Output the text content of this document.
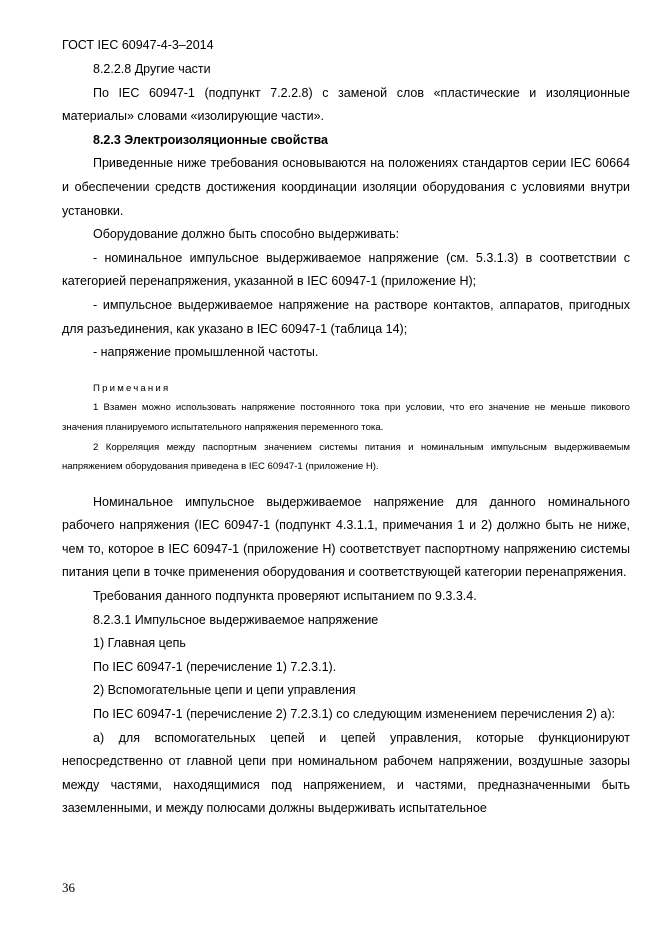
ГОСТ IEC 60947-4-3–2014

8.2.2.8 Другие части

По IEC 60947-1 (подпункт 7.2.2.8) с заменой слов «пластические и изоляционные материалы» словами «изолирующие части».

8.2.3 Электроизоляционные свойства

Приведенные ниже требования основываются на положениях стандартов серии IEC 60664 и обеспечении средств достижения координации изоляции оборудования с условиями внутри установки.

Оборудование должно быть способно выдерживать:

- номинальное импульсное выдерживаемое напряжение (см. 5.3.1.3) в соответствии с категорией перенапряжения, указанной в IEC 60947-1 (приложение H);

- импульсное выдерживаемое напряжение на растворе контактов, аппаратов, пригодных для разъединения, как указано в IEC 60947-1 (таблица 14);

- напряжение промышленной частоты.

Примечания

1 Взамен можно использовать напряжение постоянного тока при условии, что его значение не меньше пикового значения планируемого испытательного напряжения переменного тока.

2 Корреляция между паспортным значением системы питания и номинальным импульсным выдерживаемым напряжением оборудования приведена в IEC 60947-1 (приложение H).

Номинальное импульсное выдерживаемое напряжение для данного номинального рабочего напряжения (IEC 60947-1 (подпункт 4.3.1.1, примечания 1 и 2) должно быть не ниже, чем то, которое в IEC 60947-1 (приложение H) соответствует паспортному напряжению системы питания цепи в точке применения оборудования и соответствующей категории перенапряжения.

Требования данного подпункта проверяют испытанием по 9.3.3.4.

8.2.3.1 Импульсное выдерживаемое напряжение

1) Главная цепь

По IEC 60947-1 (перечисление 1) 7.2.3.1).

2) Вспомогательные цепи и цепи управления

По IEC 60947-1 (перечисление 2) 7.2.3.1) со следующим изменением перечисления 2) a):

a) для вспомогательных цепей и цепей управления, которые функционируют непосредственно от главной цепи при номинальном рабочем напряжении, воздушные зазоры между частями, находящимися под напряжением, и частями, предназначенными быть заземленными, и между полюсами должны выдерживать испытательное

36
